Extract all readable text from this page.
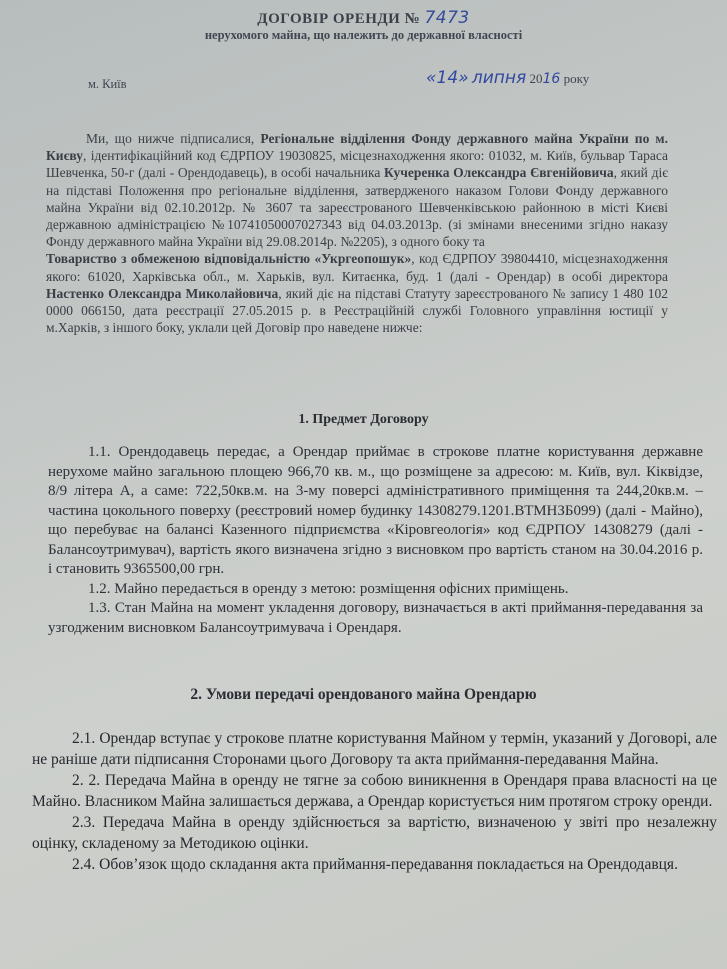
ДОГОВІР ОРЕНДИ № 7473
нерухомого майна, що належить до державної власності
м. Київ	«14» липня 2016 року

Ми, що нижче підписалися, Регіональне відділення Фонду державного майна України по м. Києву, ідентифікаційний код ЄДРПОУ 19030825, місцезнаходження якого: 01032, м. Київ, бульвар Тараса Шевченка, 50-г (далі - Орендодавець), в особі начальника Кучеренка Олександра Євгенійовича, який діє на підставі Положення про регіональне відділення, затвердженого наказом Голови Фонду державного майна України від 02.10.2012р. № 3607 та зареєстрованого Шевченківською районною в місті Києві державною адміністрацією №10741050007027343 від 04.03.2013р. (зі змінами внесеними згідно наказу Фонду державного майна України від 29.08.2014р. №2205), з одного боку та

Товариство з обмеженою відповідальністю «Укргеопошук», код ЄДРПОУ 39804410, місцезнаходження якого: 61020, Харківська обл., м. Харьків, вул. Китаєнка, буд. 1 (далі - Орендар) в особі директора Настенко Олександра Миколайовича, який діє на підставі Статуту зареєстрованого № запису 1 480 102 0000 066150, дата реєстрації 27.05.2015 р. в Реєстраційній службі Головного управління юстиції у м.Харків, з іншого боку, уклали цей Договір про наведене нижче:

1. Предмет Договору

1.1. Орендодавець передає, а Орендар приймає в строкове платне користування державне нерухоме майно загальною площею 966,70 кв. м., що розміщене за адресою: м. Київ, вул. Кіквідзе, 8/9 літера А, а саме: 722,50кв.м. на 3-му поверсі адміністративного приміщення та 244,20кв.м. – частина цокольного поверху (реєстровий номер будинку 14308279.1201.ВТМНЗБ099) (далі - Майно), що перебуває на балансі Казенного підприємства «Кіровгеологія» код ЄДРПОУ 14308279 (далі - Балансоутримувач), вартість якого визначена згідно з висновком про вартість станом на 30.04.2016 р. і становить 9365500,00 грн.

1.2. Майно передається в оренду з метою: розміщення офісних приміщень.

1.3. Стан Майна на момент укладення договору, визначається в акті приймання-передавання за узгодженим висновком Балансоутримувача і Орендаря.

2. Умови передачі орендованого майна Орендарю

2.1. Орендар вступає у строкове платне користування Майном у термін, указаний у Договорі, але не раніше дати підписання Сторонами цього Договору та акта приймання-передавання Майна.

2. 2. Передача Майна в оренду не тягне за собою виникнення в Орендаря права власності на це Майно. Власником Майна залишається держава, а Орендар користується ним протягом строку оренди.

2.3. Передача Майна в оренду здійснюється за вартістю, визначеною у звіті про незалежну оцінку, складеному за Методикою оцінки.

2.4. Обов’язок щодо складання акта приймання-передавання покладається на Орендодавця.
